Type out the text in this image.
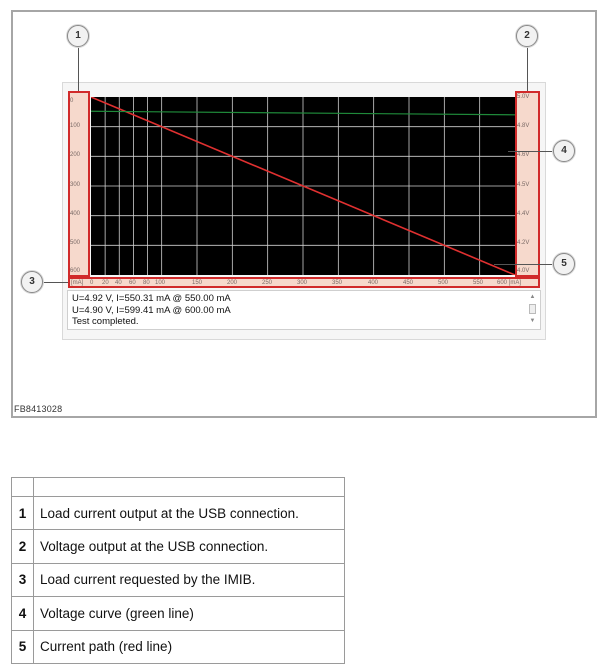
0
100
200
300
400
500
600
5.0V
4.8V
4.6V
4.5V
4.4V
4.2V
4.0V
[mA] 0 20 40 60 80 100	150	200	250	300	350	400	450	500	550 600 [mA]
U=4.92 V, I=550.31 mA @ 550.00 mA
U=4.90 V, I=599.41 mA @ 600.00 mA
Test completed.
▲
▼
FB8413028
1	2
3
4
5

1	Load current output at the USB connection.
2	Voltage output at the USB connection.
3	Load current requested by the IMIB.
4	Voltage curve (green line)
5	Current path (red line)
